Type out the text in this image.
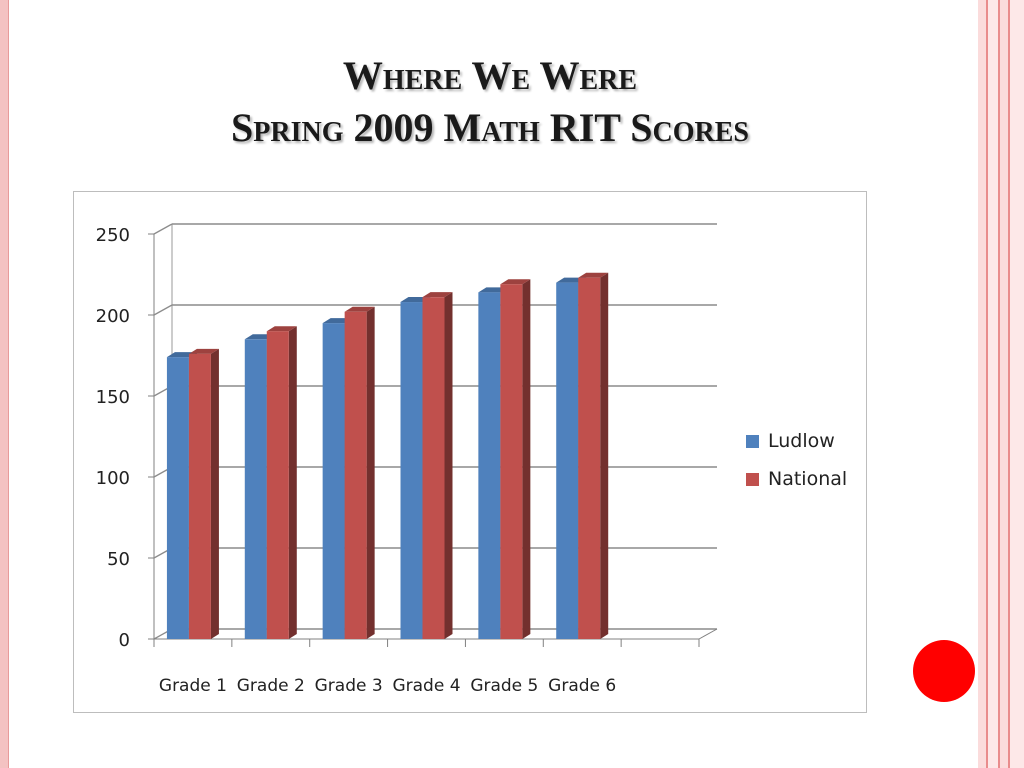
Where We Were
Spring 2009 Math RIT Scores
0
50
100
150
200
250
Grade 1 Grade 2 Grade 3 Grade 4 Grade 5 Grade 6
Ludlow
National
